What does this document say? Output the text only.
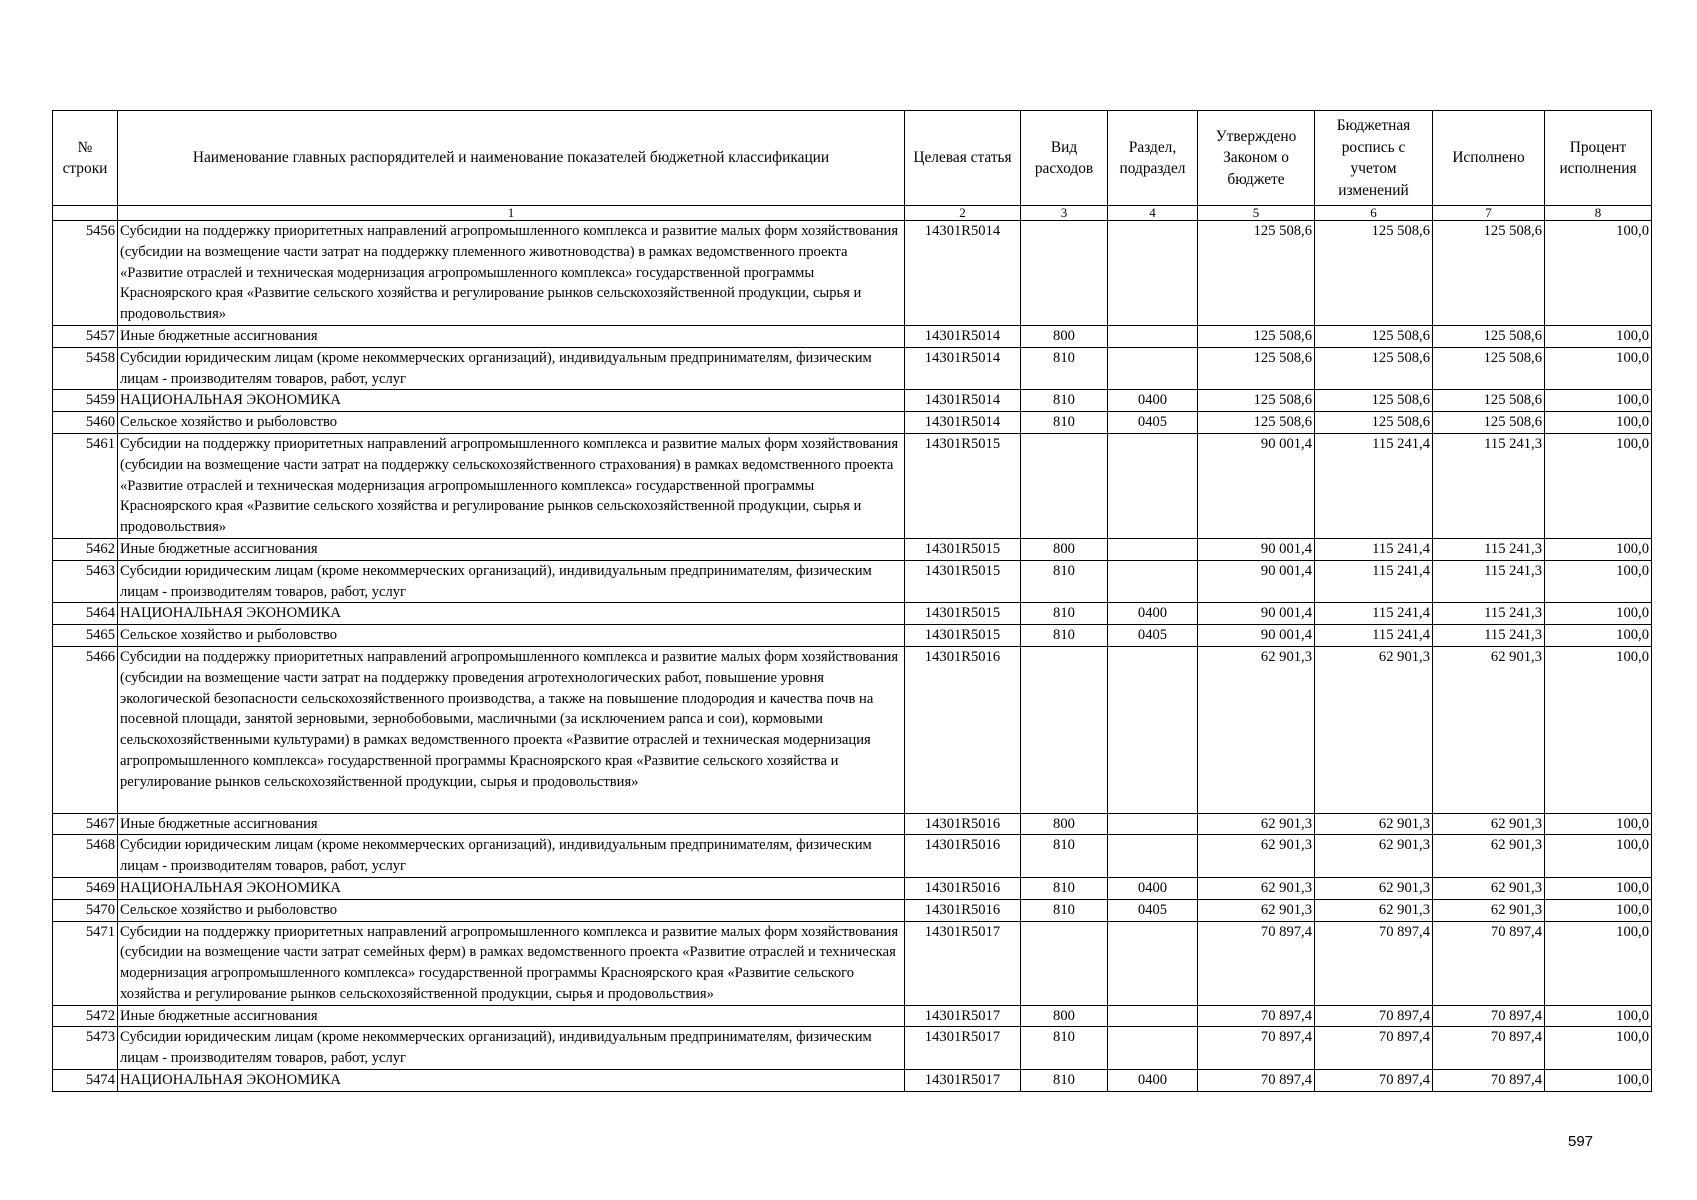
№ строки	Наименование главных распорядителей и наименование показателей бюджетной классификации	Целевая статья	Вид расходов	Раздел, подраздел	Утверждено Законом о бюджете	Бюджетная роспись с учетом изменений	Исполнено	Процент исполнения
	1	2	3	4	5	6	7	8
5456	Субсидии на поддержку приоритетных направлений агропромышленного комплекса и развитие малых форм хозяйствования (субсидии на возмещение части затрат на поддержку племенного животноводства) в рамках ведомственного проекта «Развитие отраслей и техническая модернизация агропромышленного комплекса» государственной программы Красноярского края «Развитие сельского хозяйства и регулирование рынков сельскохозяйственной продукции, сырья и продовольствия»	14301R5014			125 508,6	125 508,6	125 508,6	100,0
5457	Иные бюджетные ассигнования	14301R5014	800		125 508,6	125 508,6	125 508,6	100,0
5458	Субсидии юридическим лицам (кроме некоммерческих организаций), индивидуальным предпринимателям, физическим лицам - производителям товаров, работ, услуг	14301R5014	810		125 508,6	125 508,6	125 508,6	100,0
5459	НАЦИОНАЛЬНАЯ ЭКОНОМИКА	14301R5014	810	0400	125 508,6	125 508,6	125 508,6	100,0
5460	Сельское хозяйство и рыболовство	14301R5014	810	0405	125 508,6	125 508,6	125 508,6	100,0
5461	Субсидии на поддержку приоритетных направлений агропромышленного комплекса и развитие малых форм хозяйствования (субсидии на возмещение части затрат на поддержку сельскохозяйственного страхования) в рамках ведомственного проекта «Развитие отраслей и техническая модернизация агропромышленного комплекса» государственной программы Красноярского края «Развитие сельского хозяйства и регулирование рынков сельскохозяйственной продукции, сырья и продовольствия»	14301R5015			90 001,4	115 241,4	115 241,3	100,0
5462	Иные бюджетные ассигнования	14301R5015	800		90 001,4	115 241,4	115 241,3	100,0
5463	Субсидии юридическим лицам (кроме некоммерческих организаций), индивидуальным предпринимателям, физическим лицам - производителям товаров, работ, услуг	14301R5015	810		90 001,4	115 241,4	115 241,3	100,0
5464	НАЦИОНАЛЬНАЯ ЭКОНОМИКА	14301R5015	810	0400	90 001,4	115 241,4	115 241,3	100,0
5465	Сельское хозяйство и рыболовство	14301R5015	810	0405	90 001,4	115 241,4	115 241,3	100,0
5466	Субсидии на поддержку приоритетных направлений агропромышленного комплекса и развитие малых форм хозяйствования (субсидии на возмещение части затрат на поддержку проведения агротехнологических работ, повышение уровня экологической безопасности сельскохозяйственного производства, а также на повышение плодородия и качества почв на посевной площади, занятой зерновыми, зернобобовыми, масличными (за исключением рапса и сои), кормовыми сельскохозяйственными культурами) в рамках ведомственного проекта «Развитие отраслей и техническая модернизация агропромышленного комплекса» государственной программы Красноярского края «Развитие сельского хозяйства и регулирование рынков сельскохозяйственной продукции, сырья и продовольствия»	14301R5016			62 901,3	62 901,3	62 901,3	100,0
5467	Иные бюджетные ассигнования	14301R5016	800		62 901,3	62 901,3	62 901,3	100,0
5468	Субсидии юридическим лицам (кроме некоммерческих организаций), индивидуальным предпринимателям, физическим лицам - производителям товаров, работ, услуг	14301R5016	810		62 901,3	62 901,3	62 901,3	100,0
5469	НАЦИОНАЛЬНАЯ ЭКОНОМИКА	14301R5016	810	0400	62 901,3	62 901,3	62 901,3	100,0
5470	Сельское хозяйство и рыболовство	14301R5016	810	0405	62 901,3	62 901,3	62 901,3	100,0
5471	Субсидии на поддержку приоритетных направлений агропромышленного комплекса и развитие малых форм хозяйствования (субсидии на возмещение части затрат семейных ферм) в рамках ведомственного проекта «Развитие отраслей и техническая модернизация агропромышленного комплекса» государственной программы Красноярского края «Развитие сельского хозяйства и регулирование рынков сельскохозяйственной продукции, сырья и продовольствия»	14301R5017			70 897,4	70 897,4	70 897,4	100,0
5472	Иные бюджетные ассигнования	14301R5017	800		70 897,4	70 897,4	70 897,4	100,0
5473	Субсидии юридическим лицам (кроме некоммерческих организаций), индивидуальным предпринимателям, физическим лицам - производителям товаров, работ, услуг	14301R5017	810		70 897,4	70 897,4	70 897,4	100,0
5474	НАЦИОНАЛЬНАЯ ЭКОНОМИКА	14301R5017	810	0400	70 897,4	70 897,4	70 897,4	100,0
597
